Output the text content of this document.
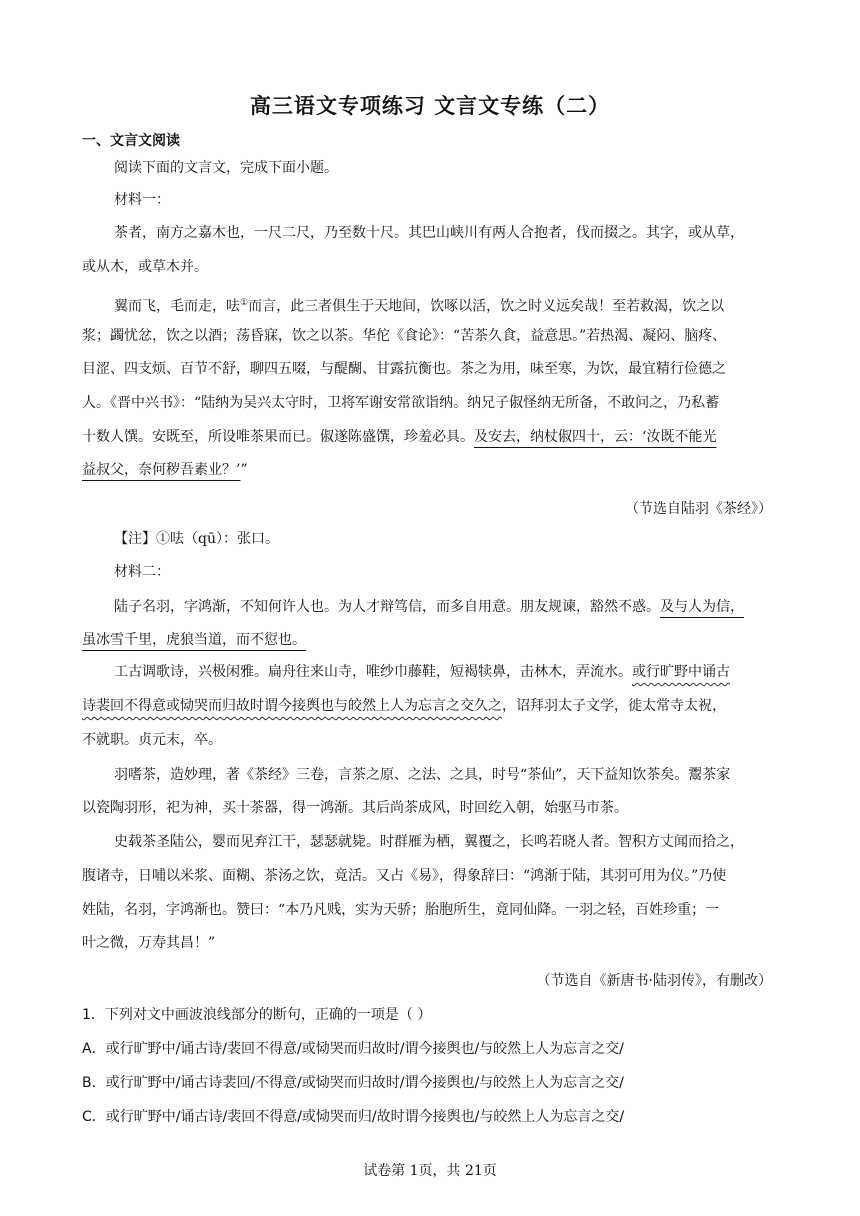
高三语文专项练习 文言文专练（二）
一、文言文阅读
阅读下面的文言文，完成下面小题。
材料一：
茶者，南方之嘉木也，一尺二尺，乃至数十尺。其巴山峡川有两人合抱者，伐而掇之。其字，或从草，
或从木，或草木并。
翼而飞，毛而走，呿①而言，此三者俱生于天地间，饮啄以活，饮之时义远矣哉！至若救渴，饮之以
浆；蠲忧忿，饮之以酒；荡昏寐，饮之以茶。华佗《食论》：“苦茶久食，益意思。”若热渴、凝闷、脑疼、
目涩、四支烦、百节不舒，聊四五啜，与醍醐、甘露抗衡也。茶之为用，味至寒，为饮，最宜精行俭德之
人。《晋中兴书》：“陆纳为吴兴太守时，卫将军谢安常欲诣纳。纳兄子俶怪纳无所备，不敢问之，乃私蓄
十数人馔。安既至，所设唯茶果而已。俶遂陈盛馔，珍羞必具。及安去，纳杖俶四十，云：‘汝既不能光
益叔父，奈何秽吾素业？’”
（节选自陆羽《茶经》）
【注】①呿（qū）：张口。
材料二：
陆子名羽，字鸿渐，不知何许人也。为人才辩笃信，而多自用意。朋友规谏，豁然不惑。及与人为信，
虽冰雪千里，虎狼当道，而不愆也。
工古调歌诗，兴极闲雅。扁舟往来山寺，唯纱巾藤鞋，短褐犊鼻，击林木，弄流水。或行旷野中诵古
诗裴回不得意或恸哭而归故时谓今接舆也与皎然上人为忘言之交久之，诏拜羽太子文学，徙太常寺太祝，
不就职。贞元末，卒。
羽嗜茶，造妙理，著《茶经》三卷，言茶之原、之法、之具，时号“茶仙”，天下益知饮茶矣。鬻茶家
以瓷陶羽形，祀为神，买十茶器，得一鸿渐。其后尚茶成风，时回纥入朝，始驱马市茶。
史载茶圣陆公，婴而见弃江干，瑟瑟就毙。时群雁为栖，翼覆之，长鸣若晓人者。智积方丈闻而拾之，
腹诸寺，日哺以米浆、面糊、茶汤之饮，竟活。又占《易》，得象辞曰：“鸿渐于陆，其羽可用为仪。”乃使
姓陆，名羽，字鸿渐也。赞曰：“本乃凡贱，实为天骄；胎胞所生，竟同仙降。一羽之轻，百姓珍重；一
叶之微，万寿其昌！”
（节选自《新唐书·陆羽传》，有删改）
1．下列对文中画波浪线部分的断句，正确的一项是（ ）
A．或行旷野中/诵古诗/裴回不得意/或恸哭而归故时/谓今接舆也/与皎然上人为忘言之交/
B．或行旷野中/诵古诗裴回/不得意/或恸哭而归故时/谓今接舆也/与皎然上人为忘言之交/
C．或行旷野中/诵古诗/裴回不得意/或恸哭而归/故时谓今接舆也/与皎然上人为忘言之交/
试卷第 1页，共 21页
